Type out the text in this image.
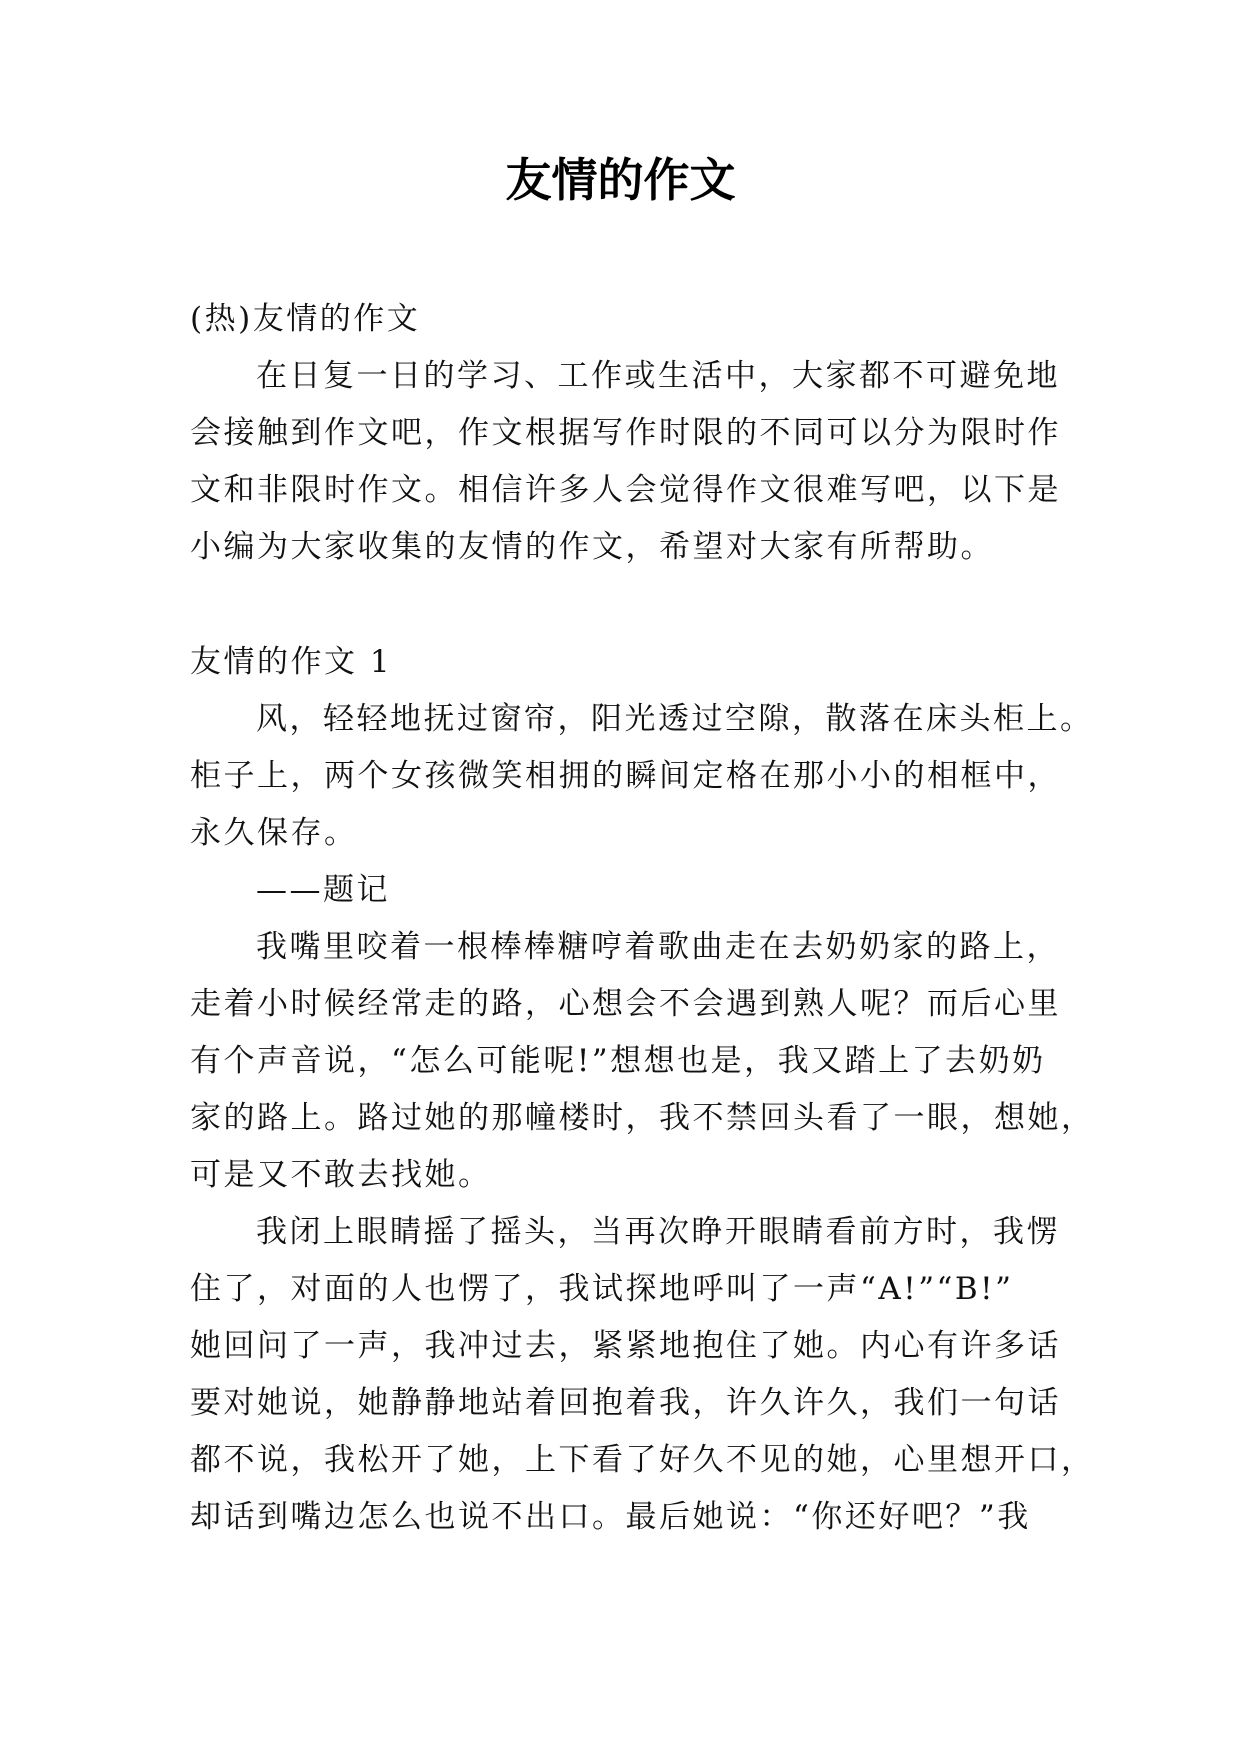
友情的作文

(热)友情的作文

在日复一日的学习、工作或生活中，大家都不可避免地

会接触到作文吧，作文根据写作时限的不同可以分为限时作

文和非限时作文。相信许多人会觉得作文很难写吧，以下是

小编为大家收集的友情的作文，希望对大家有所帮助。

友情的作文 1

风，轻轻地抚过窗帘，阳光透过空隙，散落在床头柜上。

柜子上，两个女孩微笑相拥的瞬间定格在那小小的相框中，

永久保存。

——题记

我嘴里咬着一根棒棒糖哼着歌曲走在去奶奶家的路上，

走着小时候经常走的路，心想会不会遇到熟人呢？而后心里

有个声音说，“怎么可能呢!”想想也是，我又踏上了去奶奶

家的路上。路过她的那幢楼时，我不禁回头看了一眼，想她，

可是又不敢去找她。

我闭上眼睛摇了摇头，当再次睁开眼睛看前方时，我愣

住了，对面的人也愣了，我试探地呼叫了一声“A!”“B!”

她回问了一声，我冲过去，紧紧地抱住了她。内心有许多话

要对她说，她静静地站着回抱着我，许久许久，我们一句话

都不说，我松开了她，上下看了好久不见的她，心里想开口，

却话到嘴边怎么也说不出口。最后她说：“你还好吧？”我
